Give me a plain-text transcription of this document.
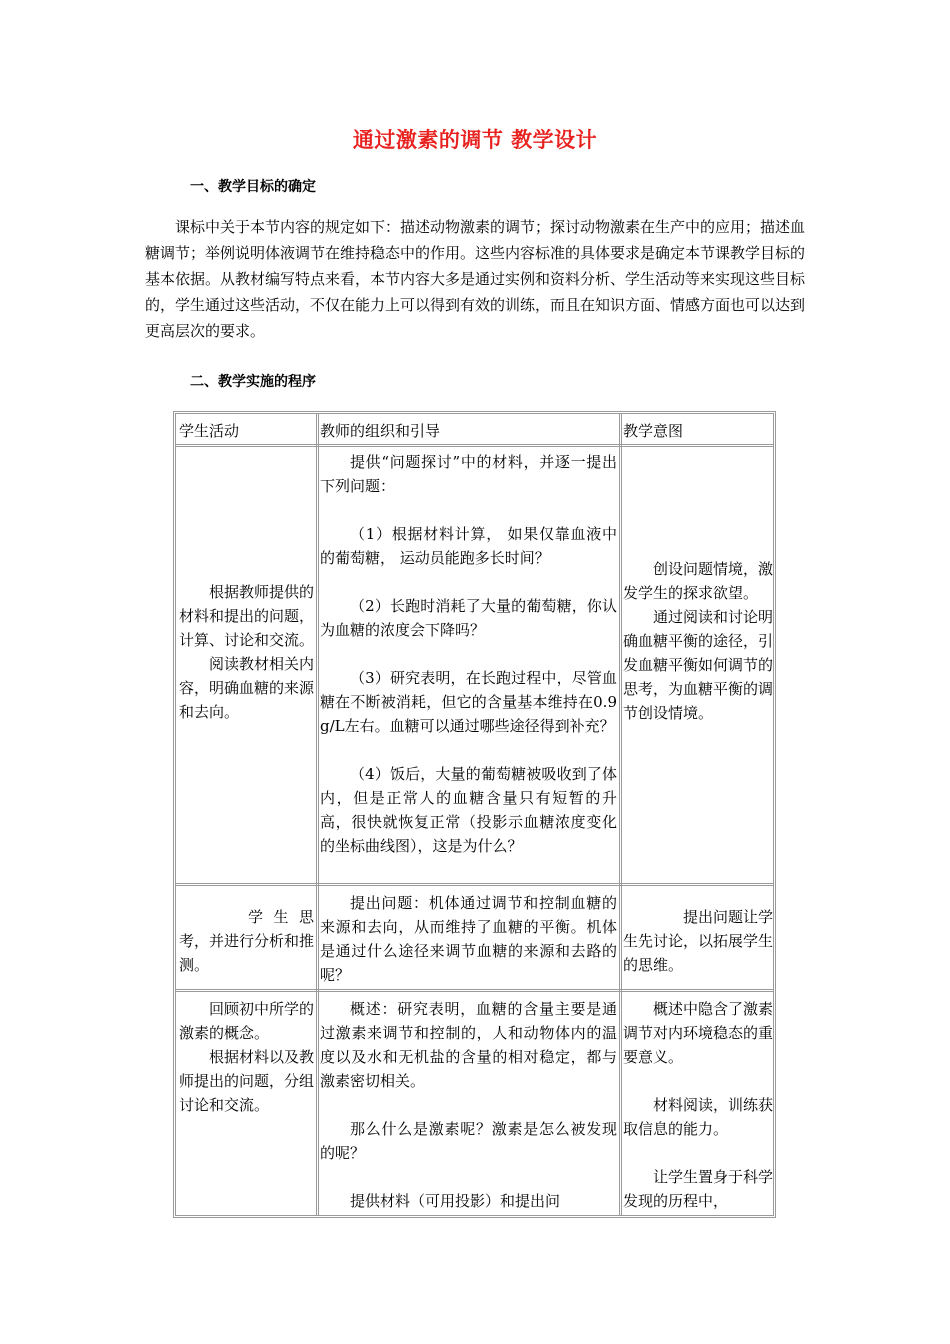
通过激素的调节 教学设计
一、教学目标的确定

课标中关于本节内容的规定如下：描述动物激素的调节；探讨动物激素在生产中的应用；描述血糖调节；举例说明体液调节在维持稳态中的作用。这些内容标准的具体要求是确定本节课教学目标的基本依据。从教材编写特点来看，本节内容大多是通过实例和资料分析、学生活动等来实现这些目标的，学生通过这些活动，不仅在能力上可以得到有效的训练，而且在知识方面、情感方面也可以达到更高层次的要求。

二、教学实施的程序
学生活动	教师的组织和引导	教学意图

根据教师提供的材料和提出的问题，计算、讨论和交流。

阅读教材相关内容，明确血糖的来源和去向。

提供“问题探讨”中的材料，并逐一提出下列问题：

（1）根据材料计算， 如果仅靠血液中的葡萄糖， 运动员能跑多长时间？

（2）长跑时消耗了大量的葡萄糖，你认为血糖的浓度会下降吗？

（3）研究表明，在长跑过程中，尽管血糖在不断被消耗，但它的含量基本维持在0.9 g/L左右。血糖可以通过哪些途径得到补充？

（4）饭后，大量的葡萄糖被吸收到了体内，但是正常人的血糖含量只有短暂的升高，很快就恢复正常（投影示血糖浓度变化的坐标曲线图），这是为什么？

创设问题情境，激发学生的探求欲望。

通过阅读和讨论明确血糖平衡的途径，引发血糖平衡如何调节的思考，为血糖平衡的调节创设情境。

学生思考，并进行分析和推测。

提出问题：机体通过调节和控制血糖的来源和去向，从而维持了血糖的平衡。机体是通过什么途径来调节血糖的来源和去路的呢？

提出问题让学生先讨论，以拓展学生的思维。

回顾初中所学的激素的概念。

根据材料以及教师提出的问题，分组讨论和交流。

概述：研究表明，血糖的含量主要是通过激素来调节和控制的，人和动物体内的温度以及水和无机盐的含量的相对稳定，都与激素密切相关。

那么什么是激素呢？激素是怎么被发现的呢？

提供材料（可用投影）和提出问

概述中隐含了激素调节对内环境稳态的重要意义。

材料阅读，训练获取信息的能力。

让学生置身于科学发现的历程中，
